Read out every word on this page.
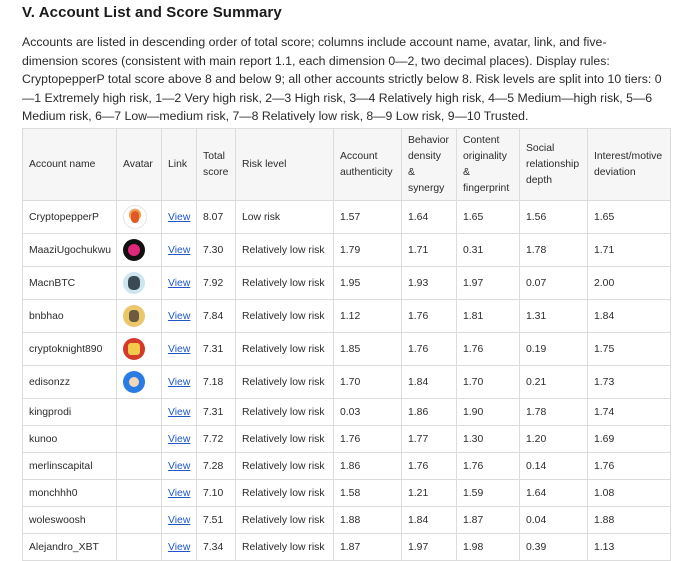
V. Account List and Score Summary

Accounts are listed in descending order of total score; columns include account name, avatar, link, and five-dimension scores (consistent with main report 1.1, each dimension 0—2, two decimal places). Display rules: CryptopepperP total score above 8 and below 9; all other accounts strictly below 8. Risk levels are split into 10 tiers: 0—1 Extremely high risk, 1—2 Very high risk, 2—3 High risk, 3—4 Relatively high risk, 4—5 Medium—high risk, 5—6 Medium risk, 6—7 Low—medium risk, 7—8 Relatively low risk, 8—9 Low risk, 9—10 Trusted.

Account name	Avatar	Link	Total score	Risk level	Account authenticity	Behavior density & synergy	Content originality & fingerprint	Social relationship depth	Interest/motive deviation
CryptopepperP		View	8.07	Low risk	1.57	1.64	1.65	1.56	1.65
MaaziUgochukwu		View	7.30	Relatively low risk	1.79	1.71	0.31	1.78	1.71
MacnBTC		View	7.92	Relatively low risk	1.95	1.93	1.97	0.07	2.00
bnbhao		View	7.84	Relatively low risk	1.12	1.76	1.81	1.31	1.84
cryptoknight890		View	7.31	Relatively low risk	1.85	1.76	1.76	0.19	1.75
edisonzz		View	7.18	Relatively low risk	1.70	1.84	1.70	0.21	1.73
kingprodi		View	7.31	Relatively low risk	0.03	1.86	1.90	1.78	1.74
kunoo		View	7.72	Relatively low risk	1.76	1.77	1.30	1.20	1.69
merlinscapital		View	7.28	Relatively low risk	1.86	1.76	1.76	0.14	1.76
monchhh0		View	7.10	Relatively low risk	1.58	1.21	1.59	1.64	1.08
woleswoosh		View	7.51	Relatively low risk	1.88	1.84	1.87	0.04	1.88
Alejandro_XBT		View	7.34	Relatively low risk	1.87	1.97	1.98	0.39	1.13
